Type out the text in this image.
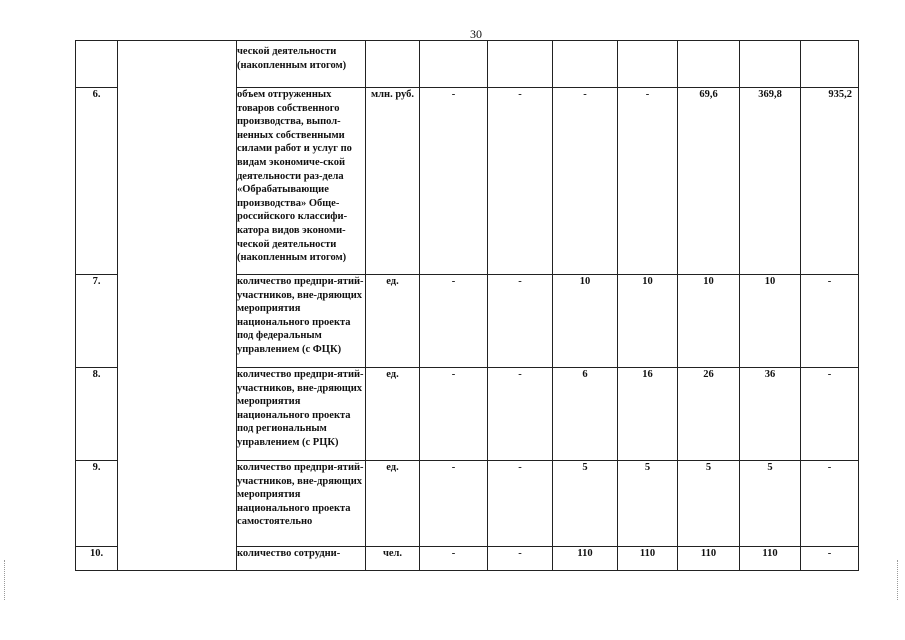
30
		ческой деятельности (накопленным итогом)								
6.		объем отгруженных товаров собственного производства, выпол-ненных собственными силами работ и услуг по видам экономиче-ской деятельности раз-дела «Обрабатывающие производства» Обще-российского классифи-катора видов экономи-ческой деятельности (накопленным итогом)	млн. руб.	-	-	-	-	69,6	369,8	935,2
7.		количество предпри-ятий-участников, вне-дряющих мероприятия национального проекта под федеральным управлением (с ФЦК)	ед.	-	-	10	10	10	10	-
8.		количество предпри-ятий-участников, вне-дряющих мероприятия национального проекта под региональным управлением (с РЦК)	ед.	-	-	6	16	26	36	-
9.		количество предпри-ятий-участников, вне-дряющих мероприятия национального проекта самостоятельно	ед.	-	-	5	5	5	5	-
10.		количество сотрудни-	чел.	-	-	110	110	110	110	-
